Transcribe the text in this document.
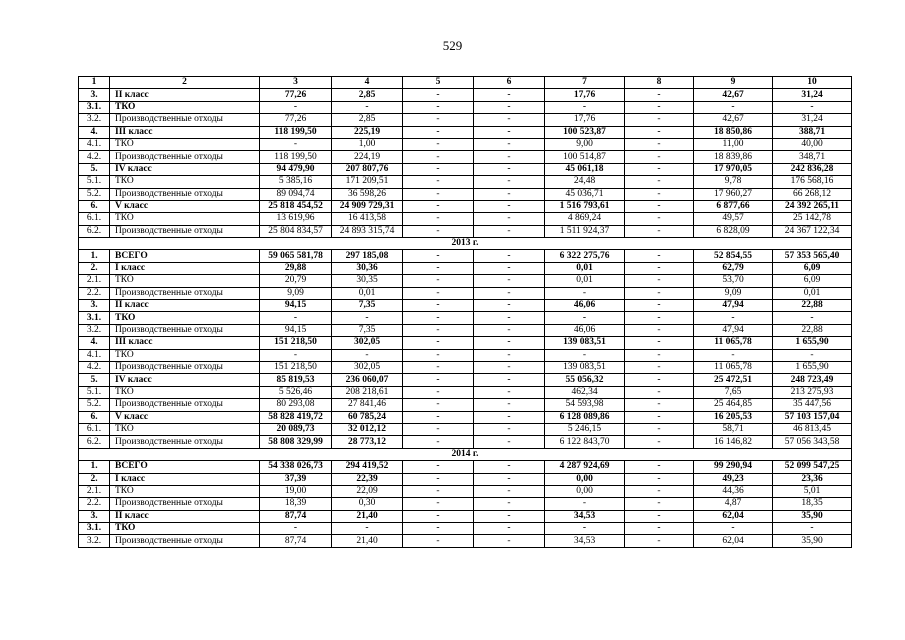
529
1	2	3	4	5	6	7	8	9	10
3.	II класс	77,26	2,85	-	-	17,76	-	42,67	31,24
3.1.	ТКО	-	-	-	-	-	-	-	-
3.2.	Производственные отходы	77,26	2,85	-	-	17,76	-	42,67	31,24
4.	III класс	118 199,50	225,19	-	-	100 523,87	-	18 850,86	388,71
4.1.	ТКО	-	1,00	-	-	9,00	-	11,00	40,00
4.2.	Производственные отходы	118 199,50	224,19	-	-	100 514,87	-	18 839,86	348,71
5.	IV класс	94 479,90	207 807,76	-	-	45 061,18	-	17 970,05	242 836,28
5.1.	ТКО	5 385,16	171 209,51	-	-	24,48	-	9,78	176 568,16
5.2.	Производственные отходы	89 094,74	36 598,26	-	-	45 036,71	-	17 960,27	66 268,12
6.	V класс	25 818 454,52	24 909 729,31	-	-	1 516 793,61	-	6 877,66	24 392 265,11
6.1.	ТКО	13 619,96	16 413,58	-	-	4 869,24	-	49,57	25 142,78
6.2.	Производственные отходы	25 804 834,57	24 893 315,74	-	-	1 511 924,37	-	6 828,09	24 367 122,34
2013 г.									
1.	ВСЕГО	59 065 581,78	297 185,08	-	-	6 322 275,76	-	52 854,55	57 353 565,40
2.	I класс	29,88	30,36	-	-	0,01	-	62,79	6,09
2.1.	ТКО	20,79	30,35	-	-	0,01	-	53,70	6,09
2.2.	Производственные отходы	9,09	0,01	-	-	-	-	9,09	0,01
3.	II класс	94,15	7,35	-	-	46,06	-	47,94	22,88
3.1.	ТКО	-	-	-	-	-	-	-	-
3.2.	Производственные отходы	94,15	7,35	-	-	46,06	-	47,94	22,88
4.	III класс	151 218,50	302,05	-	-	139 083,51	-	11 065,78	1 655,90
4.1.	ТКО	-	-	-	-	-	-	-	-
4.2.	Производственные отходы	151 218,50	302,05	-	-	139 083,51	-	11 065,78	1 655,90
5.	IV класс	85 819,53	236 060,07	-	-	55 056,32	-	25 472,51	248 723,49
5.1.	ТКО	5 526,46	208 218,61	-	-	462,34	-	7,65	213 275,93
5.2.	Производственные отходы	80 293,08	27 841,46	-	-	54 593,98	-	25 464,85	35 447,56
6.	V класс	58 828 419,72	60 785,24	-	-	6 128 089,86	-	16 205,53	57 103 157,04
6.1.	ТКО	20 089,73	32 012,12	-	-	5 246,15	-	58,71	46 813,45
6.2.	Производственные отходы	58 808 329,99	28 773,12	-	-	6 122 843,70	-	16 146,82	57 056 343,58
2014 г.									
1.	ВСЕГО	54 338 026,73	294 419,52	-	-	4 287 924,69	-	99 290,94	52 099 547,25
2.	I класс	37,39	22,39	-	-	0,00	-	49,23	23,36
2.1.	ТКО	19,00	22,09	-	-	0,00	-	44,36	5,01
2.2.	Производственные отходы	18,39	0,30	-	-	-	-	4,87	18,35
3.	II класс	87,74	21,40	-	-	34,53	-	62,04	35,90
3.1.	ТКО	-	-	-	-	-	-	-	-
3.2.	Производственные отходы	87,74	21,40	-	-	34,53	-	62,04	35,90
